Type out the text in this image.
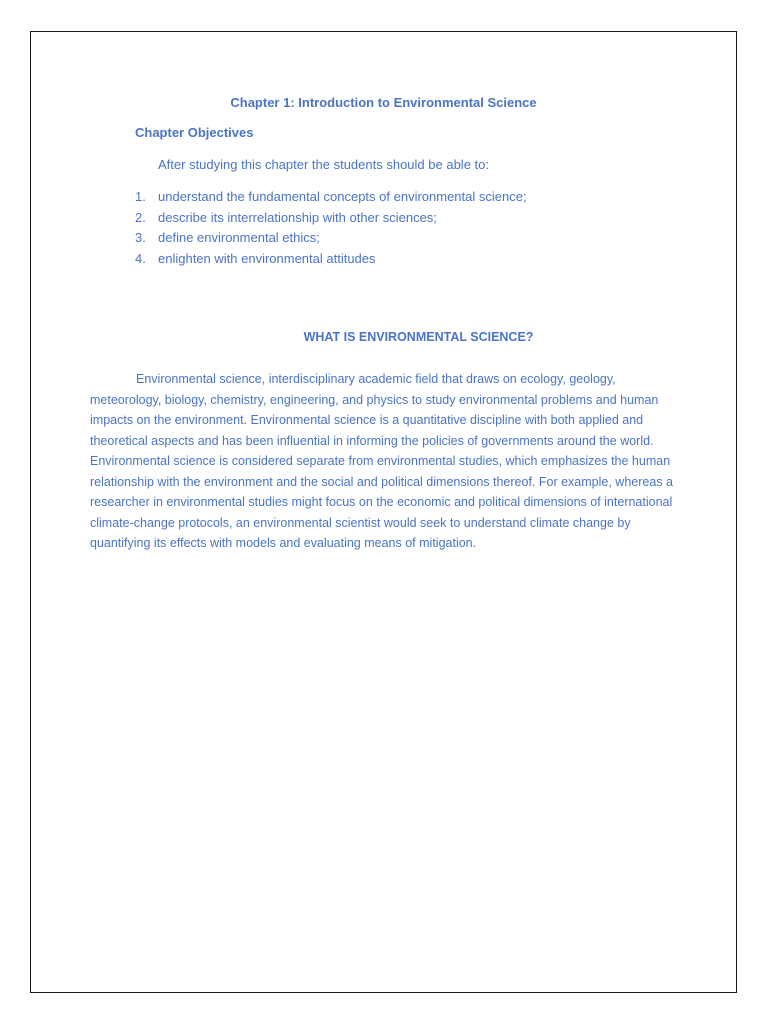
Chapter 1: Introduction to Environmental Science
Chapter Objectives
After studying this chapter the students should be able to:
1. understand the fundamental concepts of environmental science;
2. describe its interrelationship with other sciences;
3. define environmental ethics;
4. enlighten with environmental attitudes
WHAT IS ENVIRONMENTAL SCIENCE?

Environmental science, interdisciplinary academic field that draws on ecology, geology, meteorology, biology, chemistry, engineering, and physics to study environmental problems and human impacts on the environment. Environmental science is a quantitative discipline with both applied and theoretical aspects and has been influential in informing the policies of governments around the world. Environmental science is considered separate from environmental studies, which emphasizes the human relationship with the environment and the social and political dimensions thereof. For example, whereas a researcher in environmental studies might focus on the economic and political dimensions of international climate-change protocols, an environmental scientist would seek to understand climate change by quantifying its effects with models and evaluating means of mitigation.
